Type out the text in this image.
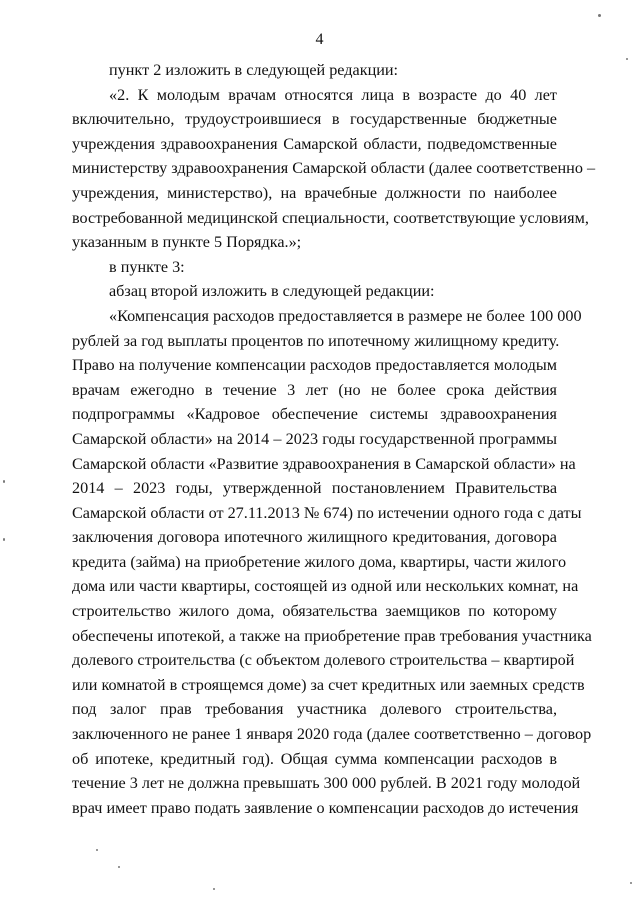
4
пункт 2 изложить в следующей редакции:
«2. К молодым врачам относятся лица в возрасте до 40 лет
включительно, трудоустроившиеся в государственные бюджетные
учреждения здравоохранения Самарской области, подведомственные
министерству здравоохранения Самарской области (далее соответственно –
учреждения, министерство), на врачебные должности по наиболее
востребованной медицинской специальности, соответствующие условиям,
указанным в пункте 5 Порядка.»;
в пункте 3:
абзац второй изложить в следующей редакции:
«Компенсация расходов предоставляется в размере не более 100 000
рублей за год выплаты процентов по ипотечному жилищному кредиту.
Право на получение компенсации расходов предоставляется молодым
врачам ежегодно в течение 3 лет (но не более срока действия
подпрограммы «Кадровое обеспечение системы здравоохранения
Самарской области» на 2014 – 2023 годы государственной программы
Самарской области «Развитие здравоохранения в Самарской области» на
2014 – 2023 годы, утвержденной постановлением Правительства
Самарской области от 27.11.2013 № 674) по истечении одного года с даты
заключения договора ипотечного жилищного кредитования, договора
кредита (займа) на приобретение жилого дома, квартиры, части жилого
дома или части квартиры, состоящей из одной или нескольких комнат, на
строительство жилого дома, обязательства заемщиков по которому
обеспечены ипотекой, а также на приобретение прав требования участника
долевого строительства (с объектом долевого строительства – квартирой
или комнатой в строящемся доме) за счет кредитных или заемных средств
под залог прав требования участника долевого строительства,
заключенного не ранее 1 января 2020 года (далее соответственно – договор
об ипотеке, кредитный год). Общая сумма компенсации расходов в
течение 3 лет не должна превышать 300 000 рублей. В 2021 году молодой
врач имеет право подать заявление о компенсации расходов до истечения
